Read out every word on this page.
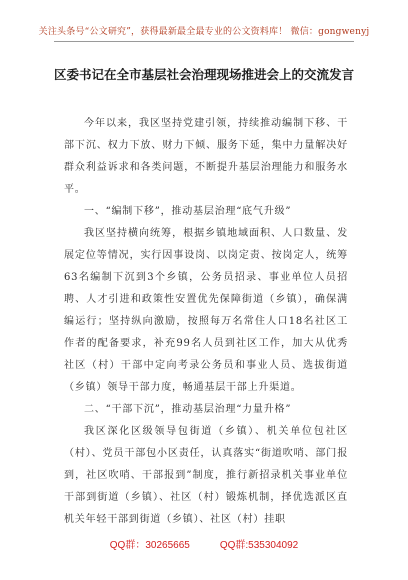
关注头条号“公文研究”，获得最新最全最专业的公文资料库！ 微信：gongwenyj
区委书记在全市基层社会治理现场推进会上的交流发言

今年以来，我区坚持党建引领，持续推动编制下移、干部下沉、权力下放、财力下倾、服务下延，集中力量解决好群众利益诉求和各类问题，不断提升基层治理能力和服务水平。

一、“编制下移”，推动基层治理“底气升级”

我区坚持横向统筹，根据乡镇地域面积、人口数量、发展定位等情况，实行因事设岗、以岗定责、按岗定人，统筹63名编制下沉到3个乡镇，公务员招录、事业单位人员招聘、人才引进和政策性安置优先保障街道（乡镇），确保满编运行；坚持纵向激励，按照每万名常住人口18名社区工作者的配备要求，补充99名人员到社区工作，加大从优秀社区（村）干部中定向考录公务员和事业人员、选拔街道（乡镇）领导干部力度，畅通基层干部上升渠道。

二、“干部下沉”，推动基层治理“力量升格”

我区深化区级领导包街道（乡镇）、机关单位包社区（村）、党员干部包小区责任，认真落实“街道吹哨、部门报到，社区吹哨、干部报到”制度，推行新招录机关事业单位干部到街道（乡镇）、社区（村）锻炼机制，择优选派区直机关年轻干部到街道（乡镇）、社区（村）挂职

QQ群：30265665	QQ群:535304092
